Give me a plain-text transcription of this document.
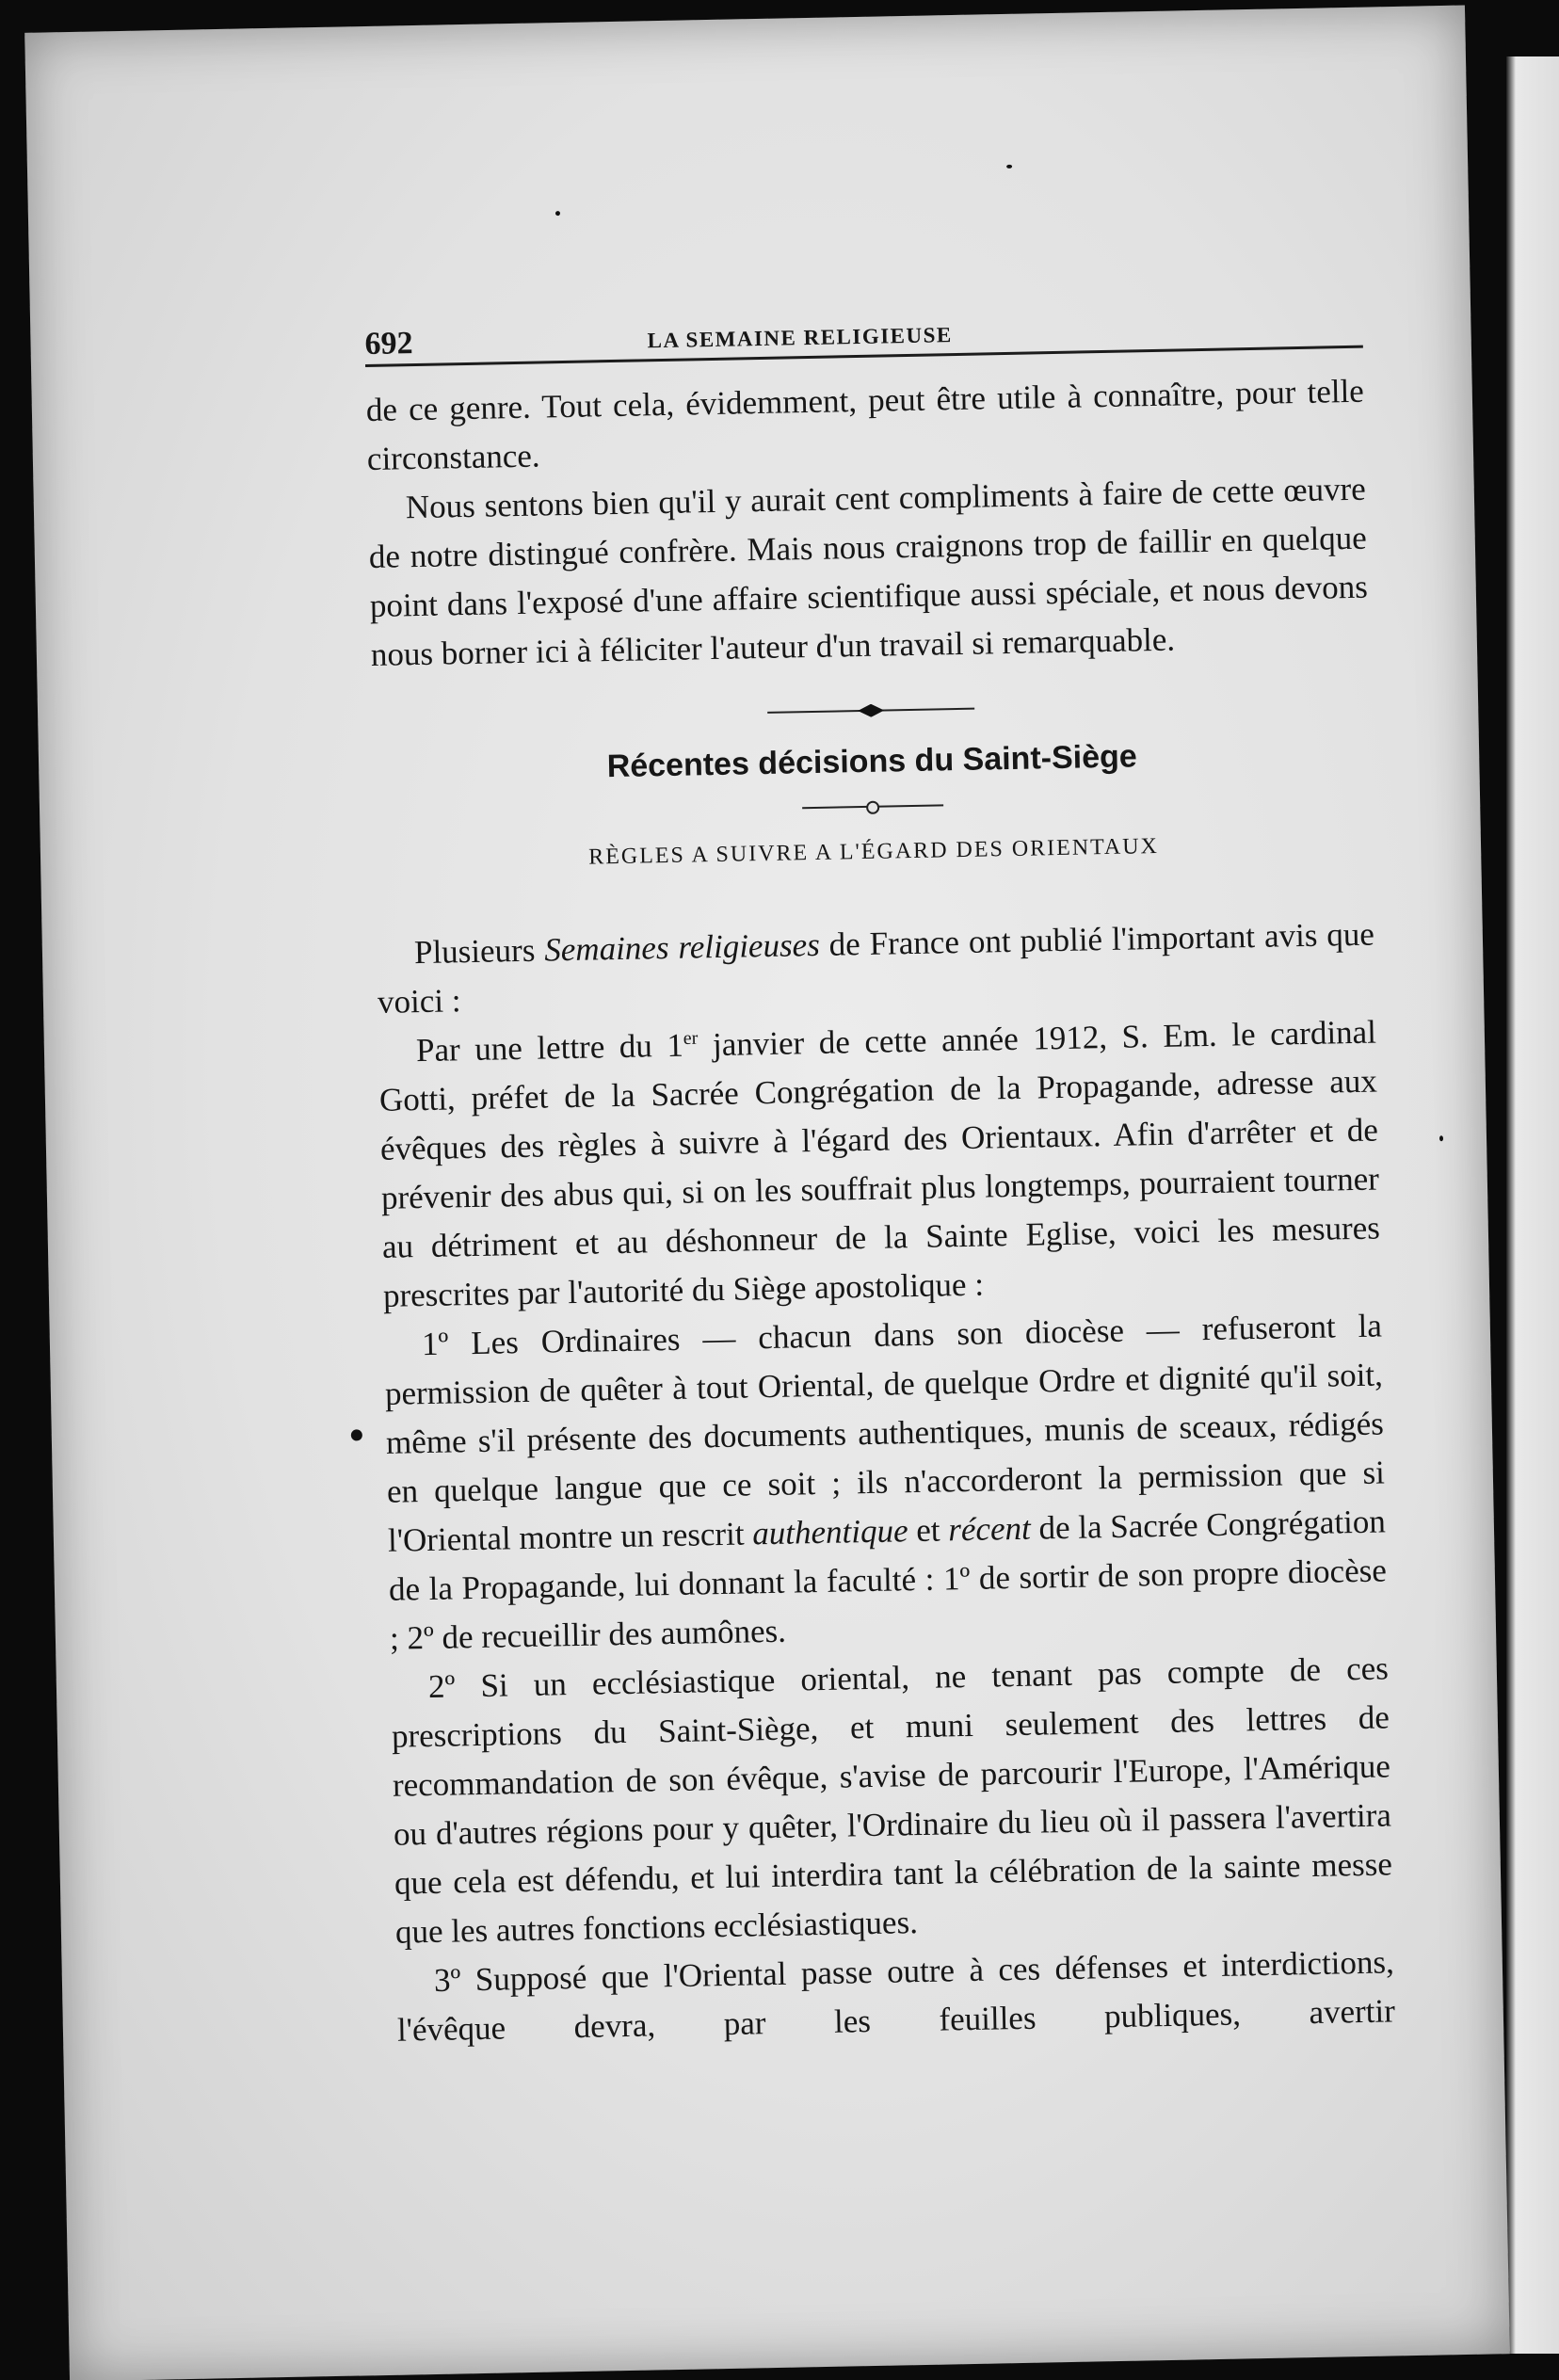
692	LA SEMAINE RELIGIEUSE

de ce genre. Tout cela, évidemment, peut être utile à connaître, pour telle circonstance.

Nous sentons bien qu'il y aurait cent compliments à faire de cette œuvre de notre distingué confrère. Mais nous craignons trop de faillir en quelque point dans l'exposé d'une affaire scientifique aussi spéciale, et nous devons nous borner ici à féliciter l'auteur d'un travail si remarquable.

Récentes décisions du Saint-Siège
RÈGLES A SUIVRE A L'ÉGARD DES ORIENTAUX

Plusieurs Semaines religieuses de France ont publié l'important avis que voici :

Par une lettre du 1er janvier de cette année 1912, S. Em. le cardinal Gotti, préfet de la Sacrée Congrégation de la Propagande, adresse aux évêques des règles à suivre à l'égard des Orientaux. Afin d'arrêter et de prévenir des abus qui, si on les souffrait plus longtemps, pourraient tourner au détriment et au déshonneur de la Sainte Eglise, voici les mesures prescrites par l'autorité du Siège apostolique :

1º Les Ordinaires — chacun dans son diocèse — refuseront la permission de quêter à tout Oriental, de quelque Ordre et dignité qu'il soit, même s'il présente des documents authentiques, munis de sceaux, rédigés en quelque langue que ce soit ; ils n'accorderont la permission que si l'Oriental montre un rescrit authentique et récent de la Sacrée Congrégation de la Propagande, lui donnant la faculté : 1º de sortir de son propre diocèse ; 2º de recueillir des aumônes.

2º Si un ecclésiastique oriental, ne tenant pas compte de ces prescriptions du Saint-Siège, et muni seulement des lettres de recommandation de son évêque, s'avise de parcourir l'Europe, l'Amérique ou d'autres régions pour y quêter, l'Ordinaire du lieu où il passera l'avertira que cela est défendu, et lui interdira tant la célébration de la sainte messe que les autres fonctions ecclésiastiques.

3º Supposé que l'Oriental passe outre à ces défenses et interdictions, l'évêque devra, par les feuilles publiques, avertir
